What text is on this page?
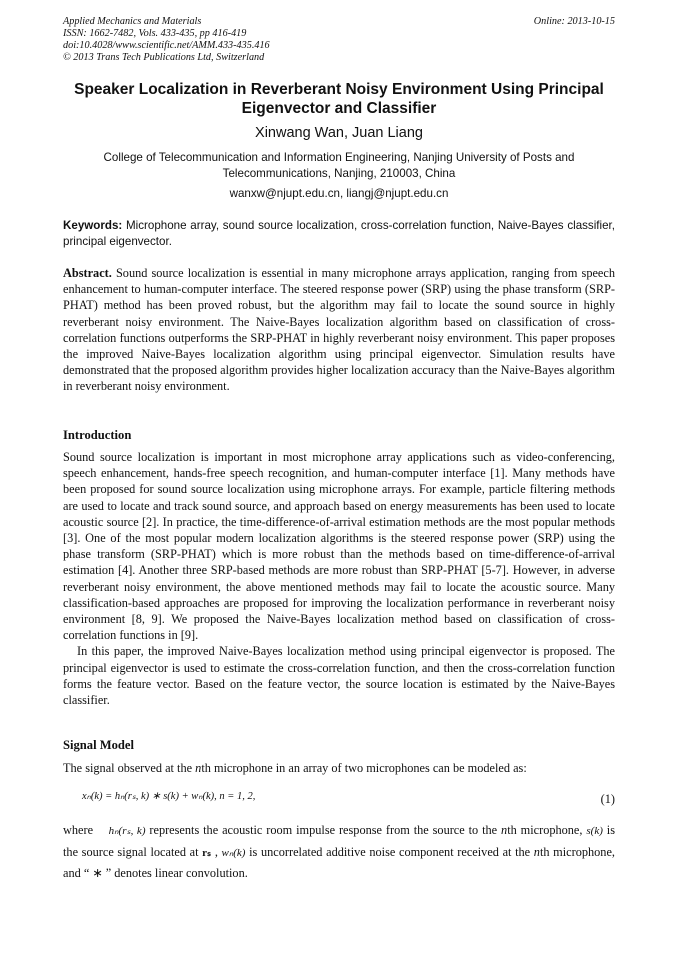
Applied Mechanics and Materials
ISSN: 1662-7482, Vols. 433-435, pp 416-419
doi:10.4028/www.scientific.net/AMM.433-435.416
© 2013 Trans Tech Publications Ltd, Switzerland
Online: 2013-10-15
Speaker Localization in Reverberant Noisy Environment Using Principal Eigenvector and Classifier
Xinwang Wan, Juan Liang
College of Telecommunication and Information Engineering, Nanjing University of Posts and Telecommunications, Nanjing, 210003, China
wanxw@njupt.edu.cn, liangj@njupt.edu.cn
Keywords: Microphone array, sound source localization, cross-correlation function, Naive-Bayes classifier, principal eigenvector.
Abstract. Sound source localization is essential in many microphone arrays application, ranging from speech enhancement to human-computer interface. The steered response power (SRP) using the phase transform (SRP-PHAT) method has been proved robust, but the algorithm may fail to locate the sound source in highly reverberant noisy environment. The Naive-Bayes localization algorithm based on classification of cross-correlation functions outperforms the SRP-PHAT in highly reverberant noisy environment. This paper proposes the improved Naive-Bayes localization algorithm using principal eigenvector. Simulation results have demonstrated that the proposed algorithm provides higher localization accuracy than the Naive-Bayes algorithm in reverberant noisy environment.
Introduction

Sound source localization is important in most microphone array applications such as video-conferencing, speech enhancement, hands-free speech recognition, and human-computer interface [1]. Many methods have been proposed for sound source localization using microphone arrays. For example, particle filtering methods are used to locate and track sound source, and approach based on energy measurements has been used to locate acoustic source [2]. In practice, the time-difference-of-arrival estimation methods are the most popular methods [3]. One of the most popular modern localization algorithms is the steered response power (SRP) using the phase transform (SRP-PHAT) which is more robust than the methods based on time-difference-of-arrival estimation [4]. Another three SRP-based methods are more robust than SRP-PHAT [5-7]. However, in adverse reverberant noisy environment, the above mentioned methods may fail to locate the acoustic source. Many classification-based approaches are proposed for improving the localization performance in reverberant noisy environment [8, 9]. We proposed the Naive-Bayes localization method based on classification of cross-correlation functions in [9].

In this paper, the improved Naive-Bayes localization method using principal eigenvector is proposed. The principal eigenvector is used to estimate the cross-correlation function, and then the cross-correlation function forms the feature vector. Based on the feature vector, the source location is estimated by the Naive-Bayes classifier.

Signal Model
The signal observed at the nth microphone in an array of two microphones can be modeled as:
xₙ(k) = hₙ(rₛ, k) ∗ s(k) + wₙ(k), n = 1, 2,	(1)
where hₙ(rₛ, k) represents the acoustic room impulse response from the source to the nth microphone, s(k) is the source signal located at rₛ , wₙ(k) is uncorrelated additive noise component received at the nth microphone, and “ ∗ ” denotes linear convolution.
